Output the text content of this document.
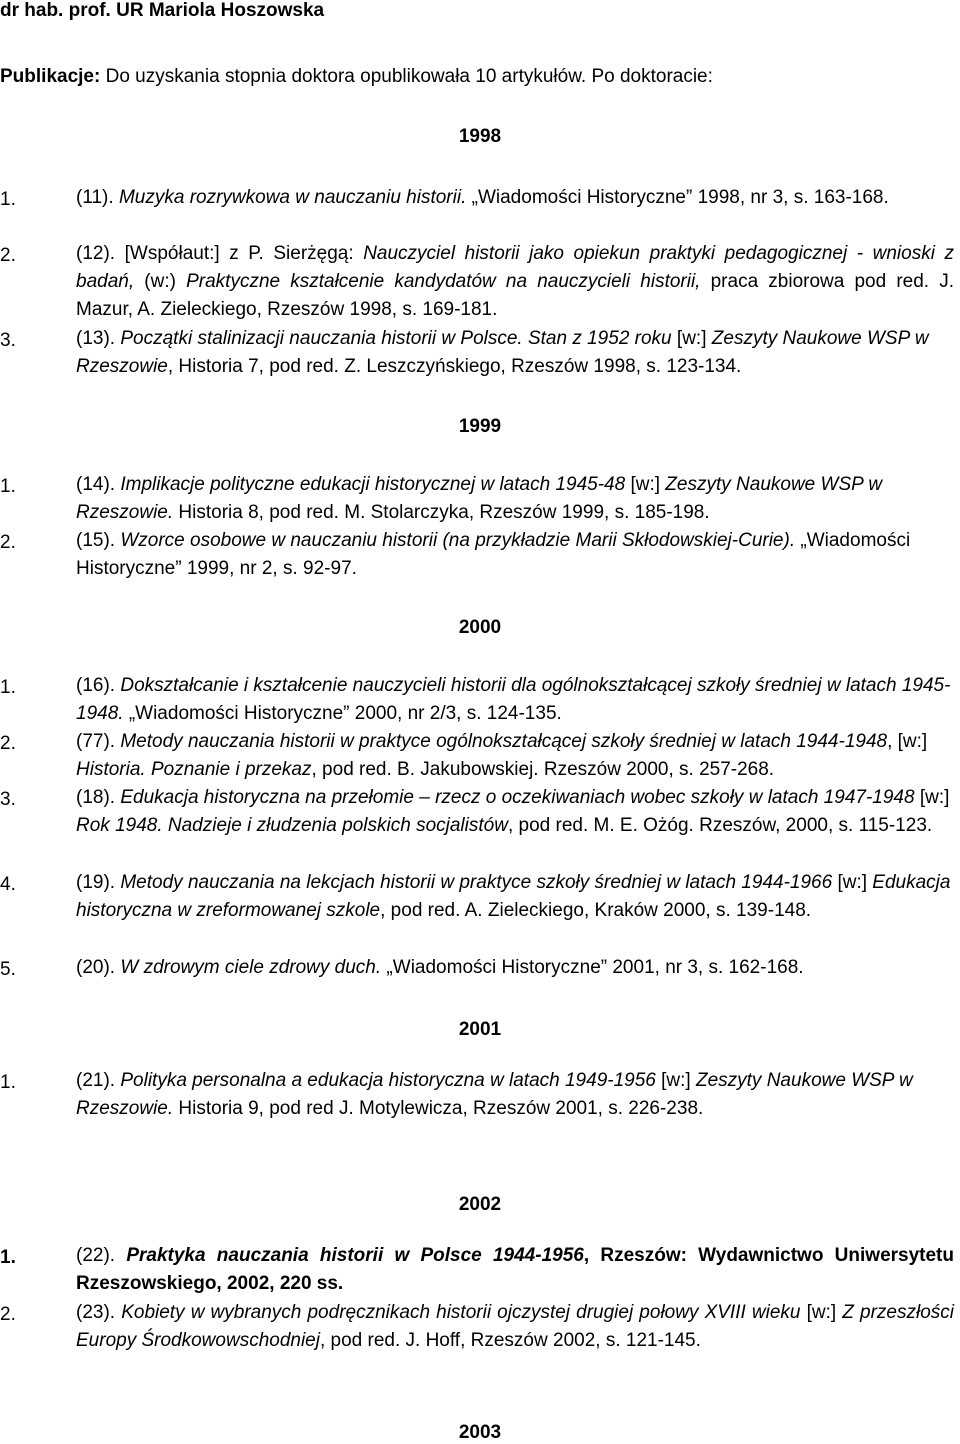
dr hab. prof. UR Mariola Hoszowska
Publikacje: Do uzyskania stopnia doktora opublikowała 10 artykułów. Po doktoracie:
1998
1.	(11). Muzyka rozrywkowa w nauczaniu historii. „Wiadomości Historyczne” 1998, nr 3, s. 163-168.
2.	(12). [Współaut:] z P. Sierżęgą: Nauczyciel historii jako opiekun praktyki pedagogicznej - wnioski z badań, (w:) Praktyczne kształcenie kandydatów na nauczycieli historii, praca zbiorowa pod red. J. Mazur, A. Zieleckiego, Rzeszów 1998, s. 169-181.
3.	(13). Początki stalinizacji nauczania historii w Polsce. Stan z 1952 roku [w:] Zeszyty Naukowe WSP w Rzeszowie, Historia 7, pod red. Z. Leszczyńskiego, Rzeszów 1998, s. 123-134.
1999
1.	(14). Implikacje polityczne edukacji historycznej w latach 1945-48 [w:] Zeszyty Naukowe WSP w Rzeszowie. Historia 8, pod red. M. Stolarczyka, Rzeszów 1999, s. 185-198.
2.	(15). Wzorce osobowe w nauczaniu historii (na przykładzie Marii Skłodowskiej-Curie). „Wiadomości Historyczne” 1999, nr 2, s. 92-97.
2000
1.	(16). Dokształcanie i kształcenie nauczycieli historii dla ogólnokształcącej szkoły średniej w latach 1945-1948. „Wiadomości Historyczne” 2000, nr 2/3, s. 124-135.
2.	(77). Metody nauczania historii w praktyce ogólnokształcącej szkoły średniej w latach 1944-1948, [w:] Historia. Poznanie i przekaz, pod red. B. Jakubowskiej. Rzeszów 2000, s. 257-268.
3.	(18). Edukacja historyczna na przełomie – rzecz o oczekiwaniach wobec szkoły w latach 1947-1948 [w:] Rok 1948. Nadzieje i złudzenia polskich socjalistów, pod red. M. E. Ożóg. Rzeszów, 2000, s. 115-123.
4.	(19). Metody nauczania na lekcjach historii w praktyce szkoły średniej w latach 1944-1966 [w:] Edukacja historyczna w zreformowanej szkole, pod red. A. Zieleckiego, Kraków 2000, s. 139-148.
5.	(20). W zdrowym ciele zdrowy duch. „Wiadomości Historyczne” 2001, nr 3, s. 162-168.
2001
1.	(21). Polityka personalna a edukacja historyczna w latach 1949-1956 [w:] Zeszyty Naukowe WSP w Rzeszowie. Historia 9, pod red J. Motylewicza, Rzeszów 2001, s. 226-238.
2002
1.	(22). Praktyka nauczania historii w Polsce 1944-1956, Rzeszów: Wydawnictwo Uniwersytetu Rzeszowskiego, 2002, 220 ss.
2.	(23). Kobiety w wybranych podręcznikach historii ojczystej drugiej połowy XVIII wieku [w:] Z przeszłości Europy Środkowowschodniej, pod red. J. Hoff, Rzeszów 2002, s. 121-145.
2003
